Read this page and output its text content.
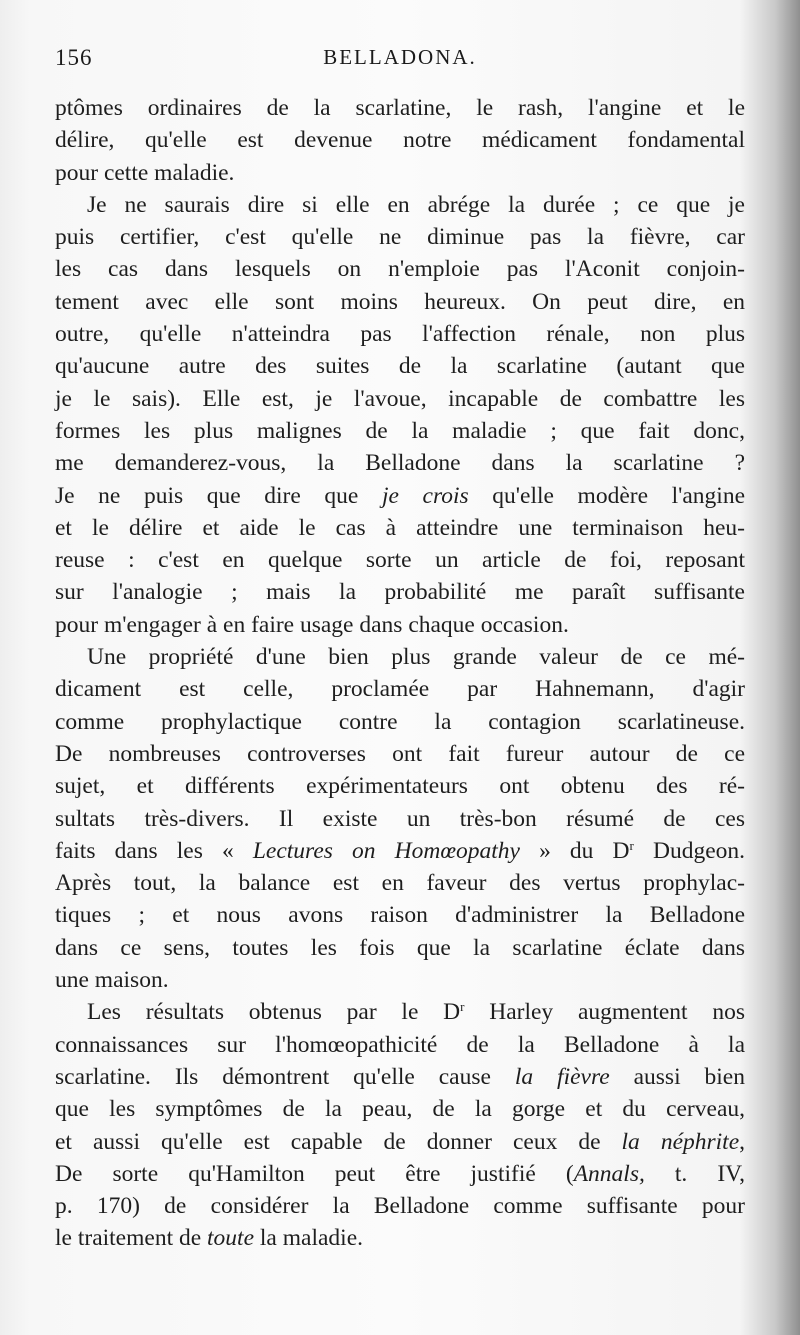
156	BELLADONA.
ptômes ordinaires de la scarlatine, le rash, l'angine et le
délire, qu'elle est devenue notre médicament fondamental
pour cette maladie.
Je ne saurais dire si elle en abrége la durée ; ce que je
puis certifier, c'est qu'elle ne diminue pas la fièvre, car
les cas dans lesquels on n'emploie pas l'Aconit conjoin-
tement avec elle sont moins heureux. On peut dire, en
outre, qu'elle n'atteindra pas l'affection rénale, non plus
qu'aucune autre des suites de la scarlatine (autant que
je le sais). Elle est, je l'avoue, incapable de combattre les
formes les plus malignes de la maladie ; que fait donc,
me demanderez-vous, la Belladone dans la scarlatine ?
Je ne puis que dire que je crois qu'elle modère l'angine
et le délire et aide le cas à atteindre une terminaison heu-
reuse : c'est en quelque sorte un article de foi, reposant
sur l'analogie ; mais la probabilité me paraît suffisante
pour m'engager à en faire usage dans chaque occasion.
Une propriété d'une bien plus grande valeur de ce mé-
dicament est celle, proclamée par Hahnemann, d'agir
comme prophylactique contre la contagion scarlatineuse.
De nombreuses controverses ont fait fureur autour de ce
sujet, et différents expérimentateurs ont obtenu des ré-
sultats très-divers. Il existe un très-bon résumé de ces
faits dans les « Lectures on Homœopathy » du $D^r$ Dudgeon.
Après tout, la balance est en faveur des vertus prophylac-
tiques ; et nous avons raison d'administrer la Belladone
dans ce sens, toutes les fois que la scarlatine éclate dans
une maison.
Les résultats obtenus par le $D^r$ Harley augmentent nos
connaissances sur l'homœopathicité de la Belladone à la
scarlatine. Ils démontrent qu'elle cause la fièvre aussi bien
que les symptômes de la peau, de la gorge et du cerveau,
et aussi qu'elle est capable de donner ceux de la néphrite,
De sorte qu'Hamilton peut être justifié (Annals, t. IV,
p. 170) de considérer la Belladone comme suffisante pour
le traitement de toute la maladie.
